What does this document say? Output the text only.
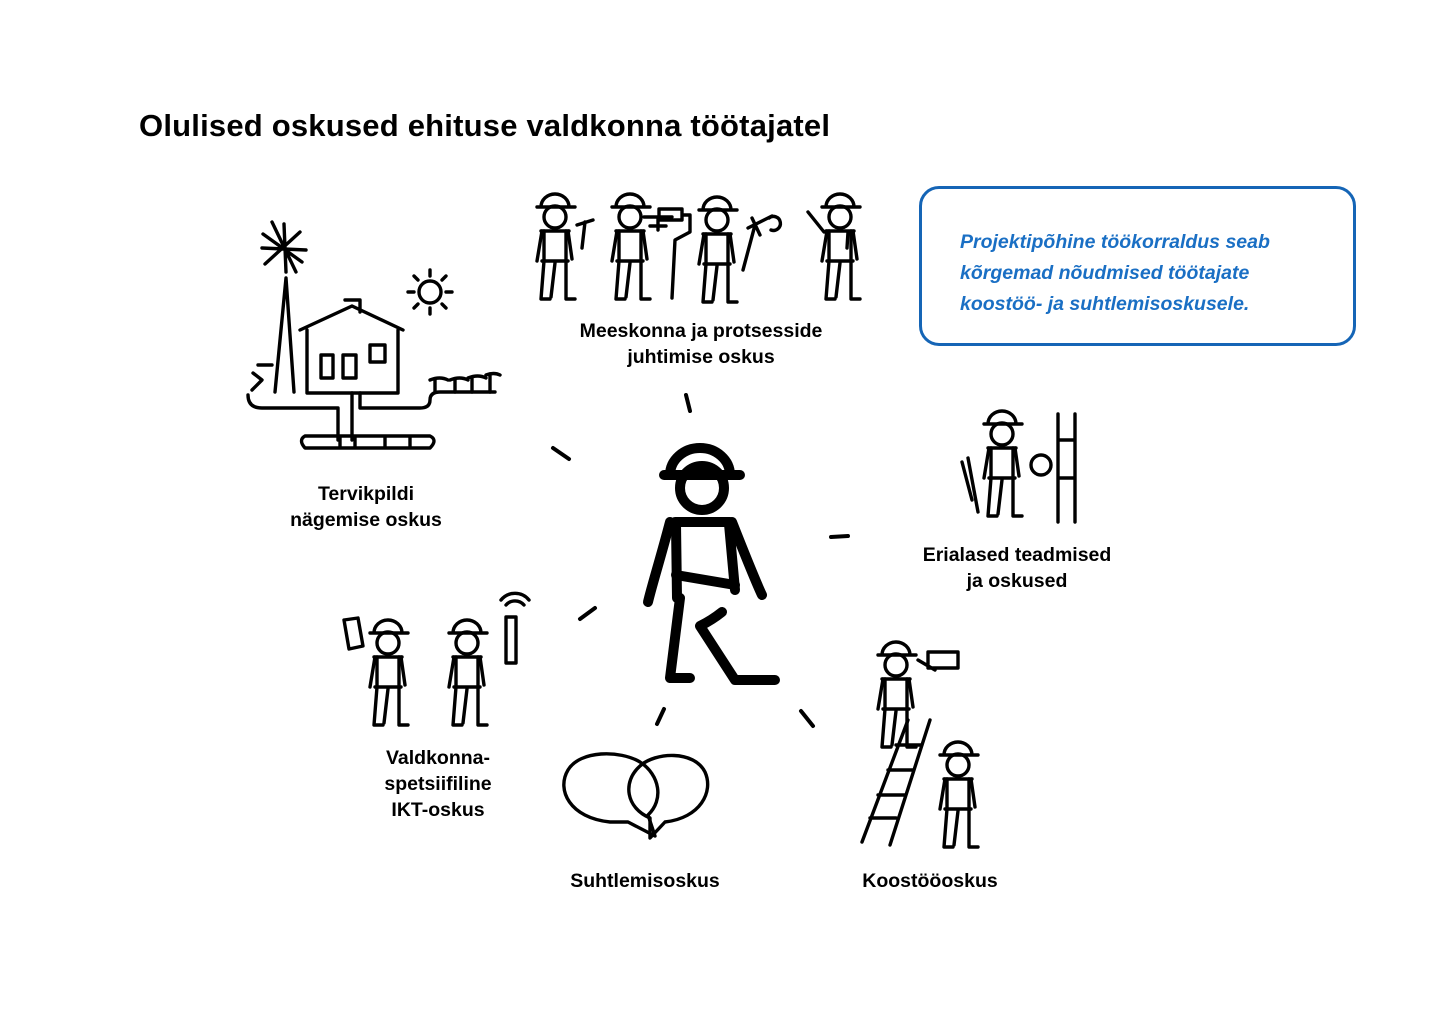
Olulised oskused ehituse valdkonna töötajatel
Projektipõhine töökorraldus seab
kõrgemad nõudmised töötajate
koostöö- ja suhtlemisoskusele.
Meeskonna ja protsesside
juhtimise oskus
Tervikpildi
nägemise oskus
Erialased teadmised
ja oskused
Valdkonna-
spetsiifiline
IKT-oskus
Suhtlemisoskus	Koostööoskus
